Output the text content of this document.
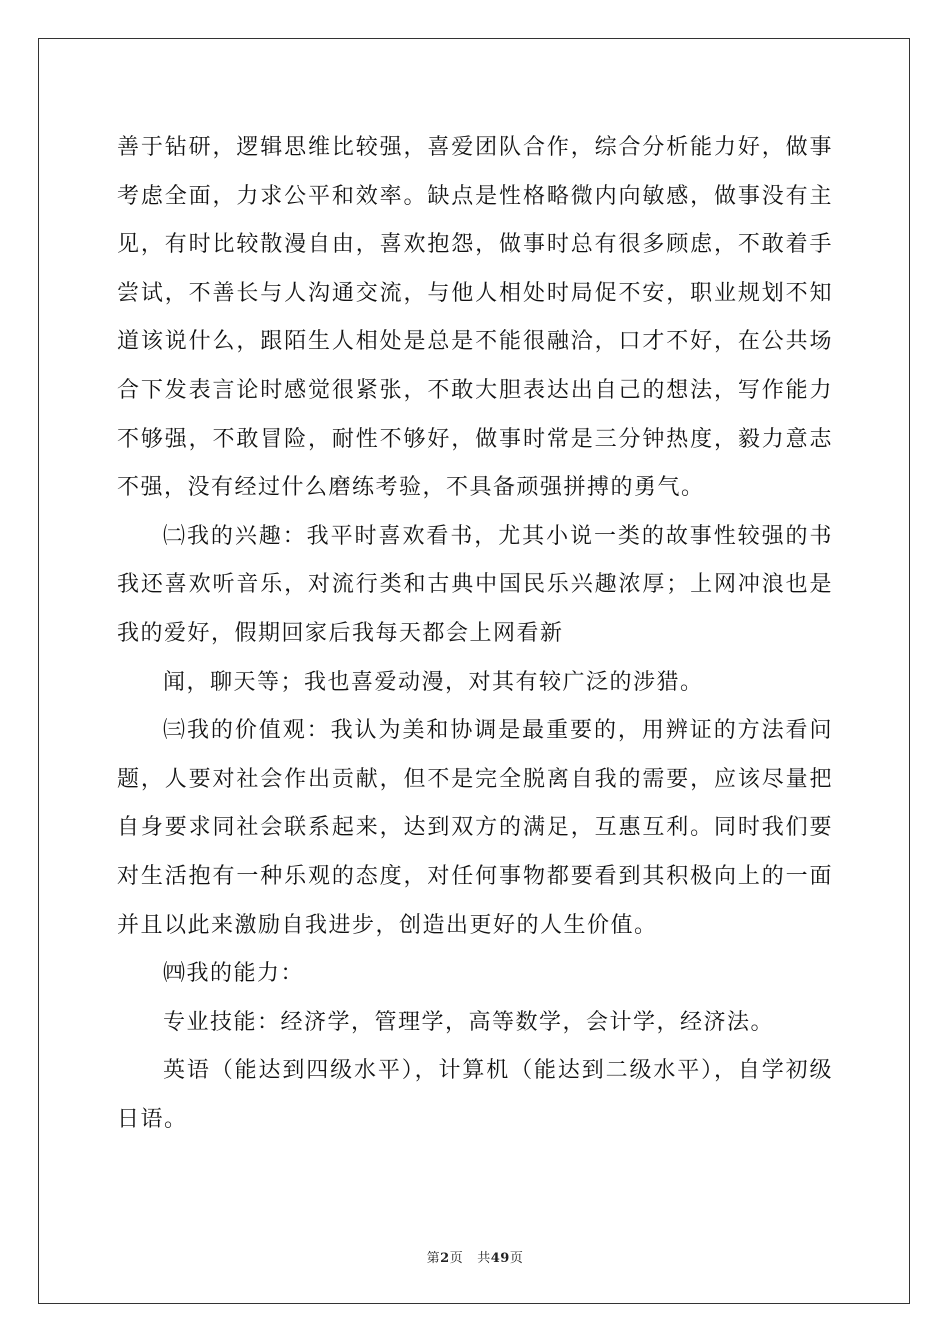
善于钻研，逻辑思维比较强，喜爱团队合作，综合分析能力好，做事考虑全面，力求公平和效率。缺点是性格略微内向敏感，做事没有主见，有时比较散漫自由，喜欢抱怨，做事时总有很多顾虑，不敢着手尝试，不善长与人沟通交流，与他人相处时局促不安，职业规划不知道该说什么，跟陌生人相处是总是不能很融洽，口才不好，在公共场合下发表言论时感觉很紧张，不敢大胆表达出自己的想法，写作能力不够强，不敢冒险，耐性不够好，做事时常是三分钟热度，毅力意志不强，没有经过什么磨练考验，不具备顽强拼搏的勇气。

㈡我的兴趣：我平时喜欢看书，尤其小说一类的故事性较强的书我还喜欢听音乐，对流行类和古典中国民乐兴趣浓厚；上网冲浪也是我的爱好，假期回家后我每天都会上网看新

闻，聊天等；我也喜爱动漫，对其有较广泛的涉猎。

㈢我的价值观：我认为美和协调是最重要的，用辨证的方法看问题，人要对社会作出贡献，但不是完全脱离自我的需要，应该尽量把自身要求同社会联系起来，达到双方的满足，互惠互利。同时我们要对生活抱有一种乐观的态度，对任何事物都要看到其积极向上的一面并且以此来激励自我进步，创造出更好的人生价值。

㈣我的能力：

专业技能：经济学，管理学，高等数学，会计学，经济法。

英语（能达到四级水平），计算机（能达到二级水平），自学初级日语。

第2页 共49页
